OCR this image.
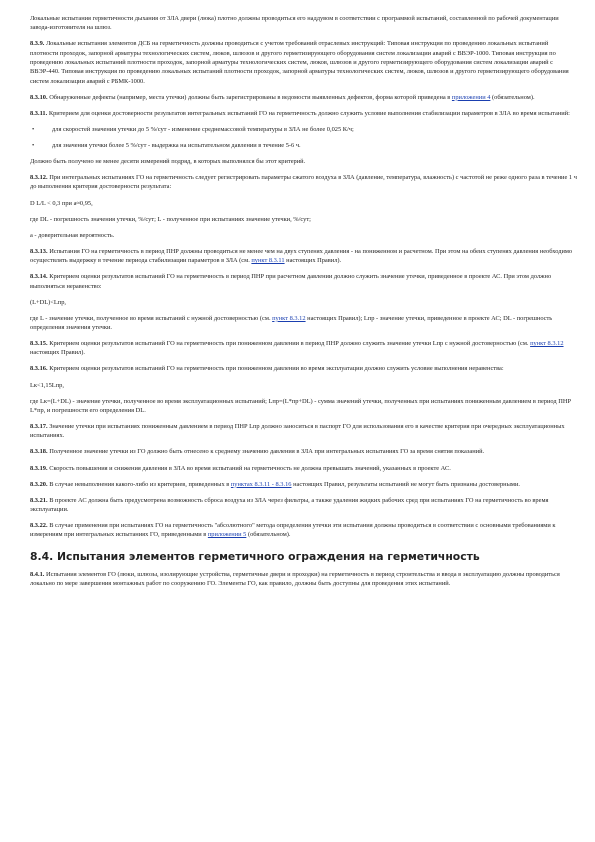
Локальные испытания герметичности дыхания от ЗЛА двери (люка) плотно должны проводиться его наддувом в соответствии с программой испытаний, составленной по рабочей документации завода-изготовителя на шлюз.

8.3.9. Локальные испытания элементов ДСБ на герметичность должны проводиться с учетом требований отраслевых инструкций: Типовая инструкция по проведению локальных испытаний плотности проходок, запорной арматуры технологических систем, люков, шлюзов и другого герметизирующего оборудования систем локализации аварий с ВВЭР-1000. Типовая инструкция по проведению локальных испытаний плотности проходок, запорной арматуры технологических систем, люков, шлюзов и другого герметизирующего оборудования систем локализации аварий с ВВЭР-440. Типовая инструкция по проведению локальных испытаний плотности проходок, запорной арматуры технологических систем, люков, шлюзов и другого герметизирующего оборудования систем локализации аварий с РБМК-1000.

8.3.10. Обнаруженные дефекты (например, места утечки) должны быть зарегистрированы в ведомости выявленных дефектов, форма которой приведена в приложении 4 (обязательном).

8.3.11. Критерием для оценки достоверности результатов интегральных испытаний ГО на герметичность должно служить условие выполнения стабилизации параметров в ЗЛА во время испытаний:

•	для скоростей значения утечки до 5 %/сут - изменение среднемассовой температуры в ЗЛА не более 0,025 К/ч;
•	для значения утечки более 5 %/сут - выдержка на испытательном давлении в течение 5-6 ч.

Должно быть получено не менее десяти измерений подряд, в которых выполнялся бы этот критерий.

8.3.12. При интегральных испытаниях ГО на герметичность следует регистрировать параметры сжатого воздуха в ЗЛА (давление, температура, влажность) с частотой не реже одного раза в течение 1 ч до выполнения критерия достоверности результата:

D L/L < 0,3 при a≈0,95,

где DL - погрешность значения утечки, %/сут; L - полученное при испытаниях значение утечки, %/сут;

a - доверительная вероятность.

8.3.13. Испытания ГО на герметичность в период ПНР должны проводиться не менее чем на двух ступенях давления - на пониженном и расчетном. При этом на обеих ступенях давления необходимо осуществлять выдержку в течение периода стабилизации параметров в ЗЛА (см. пункт 8.3.11 настоящих Правил).

8.3.14. Критерием оценки результатов испытаний ГО на герметичность в период ПНР при расчетном давлении должно служить значение утечки, приведенное в проекте АС. При этом должно выполняться неравенство:

(L+DL)<Lпр,

где L - значение утечки, полученное во время испытаний с нужной достоверностью (см. пункт 8.3.12 настоящих Правил); Lпр - значение утечки, приведенное в проекте АС; DL - погрешность определения значения утечки.

8.3.15. Критерием оценки результатов испытаний ГО на герметичность при пониженном давлении в период ПНР должно служить значение утечки Lпр с нужной достоверностью (см. пункт 8.3.12 настоящих Правил).

8.3.16. Критерием оценки результатов испытаний ГО на герметичность при пониженном давлении во время эксплуатации должно служить условие выполнения неравенства:

Lк<1,15Lпр,

где Lк=(L+DL) - значение утечки, полученное во время эксплуатационных испытаний; Lпр=(L*пр+DL) - сумма значений утечки, полученных при испытаниях пониженным давлением в период ПНР L*пр, и погрешности его определения DL.

8.3.17. Значение утечки при испытаниях пониженным давлением в период ПНР Lпр должно заноситься в паспорт ГО для использования его в качестве критерия при очередных эксплуатационных испытаниях.

8.3.18. Полученное значение утечки из ГО должно быть отнесено к среднему значению давления в ЗЛА при интегральных испытаниях ГО за время снятия показаний.

8.3.19. Скорость повышения и снижения давления в ЗЛА во время испытаний на герметичность не должна превышать значений, указанных в проекте АС.

8.3.20. В случае невыполнения какого-либо из критериев, приведенных в пунктах 8.3.11 - 8.3.16 настоящих Правил, результаты испытаний не могут быть признаны достоверными.

8.3.21. В проекте АС должна быть предусмотрена возможность сброса воздуха из ЗЛА через фильтры, а также удаления жидких рабочих сред при испытаниях ГО на герметичность во время эксплуатации.

8.3.22. В случае применения при испытаниях ГО на герметичность "абсолютного" метода определения утечки эти испытания должны проводиться в соответствии с основными требованиями к измерениям при интегральных испытаниях ГО, приведенными в приложении 5 (обязательном).

8.4. Испытания элементов герметичного ограждения на герметичность

8.4.1. Испытания элементов ГО (люки, шлюзы, изолирующие устройства, герметичные двери и проходки) на герметичность в период строительства и ввода в эксплуатацию должны проводиться локально по мере завершения монтажных работ по сооружению ГО. Элементы ГО, как правило, должны быть доступны для проведения этих испытаний.
